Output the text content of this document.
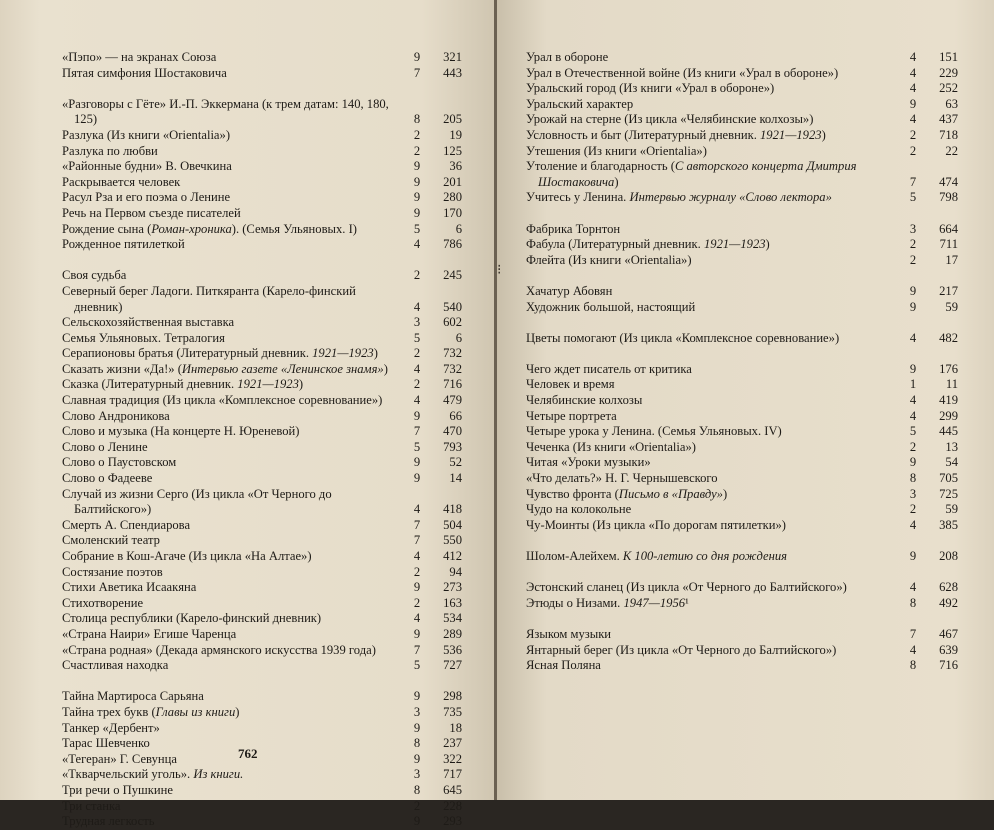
«Пэпо» — на экранах Союза	9	321
Пятая симфония Шостаковича	7	443
«Разговоры с Гёте» И.-П. Эккермана (к трем датам: 140, 180, 125)	8	205
Разлука (Из книги «Orientalia»)	2	19
Разлука по любви	2	125
«Районные будни» В. Овечкина	9	36
Раскрывается человек	9	201
Расул Рза и его поэма о Ленине	9	280
Речь на Первом съезде писателей	9	170
Рождение сына (Роман-хроника). (Семья Ульяновых. I)	5	6
Рожденное пятилеткой	4	786
Своя судьба	2	245
Северный берег Ладоги. Питкяранта (Карело-финский дневник)	4	540
Сельскохозяйственная выставка	3	602
Семья Ульяновых. Тетралогия	5	6
Серапионовы братья (Литературный дневник. 1921—1923)	2	732
Сказать жизни «Да!» (Интервью газете «Ленинское знамя»)	4	732
Сказка (Литературный дневник. 1921—1923)	2	716
Славная традиция (Из цикла «Комплексное соревнование»)	4	479
Слово Андроникова	9	66
Слово и музыка (На концерте Н. Юреневой)	7	470
Слово о Ленине	5	793
Слово о Паустовском	9	52
Слово о Фадееве	9	14
Случай из жизни Серго (Из цикла «От Черного до Балтийского»)	4	418
Смерть А. Спендиарова	7	504
Смоленский театр	7	550
Собрание в Кош-Агаче (Из цикла «На Алтае»)	4	412
Состязание поэтов	2	94
Стихи Аветика Исаакяна	9	273
Стихотворение	2	163
Столица республики (Карело-финский дневник)	4	534
«Страна Наири» Егише Чаренца	9	289
«Страна родная» (Декада армянского искусства 1939 года)	7	536
Счастливая находка	5	727
Тайна Мартироса Сарьяна	9	298
Тайна трех букв (Главы из книги)	3	735
Танкер «Дербент»	9	18
Тарас Шевченко	8	237
«Тегеран» Г. Севунца	9	322
«Ткварчельский уголь». Из книги.	3	717
Три речи о Пушкине	8	645
Три станка	2	228
Трудная легкость	9	293
762
⁝
Урал в обороне	4	151
Урал в Отечественной войне (Из книги «Урал в обороне»)	4	229
Уральский город (Из книги «Урал в обороне»)	4	252
Уральский характер	9	63
Урожай на стерне (Из цикла «Челябинские колхозы»)	4	437
Условность и быт (Литературный дневник. 1921—1923)	2	718
Утешения (Из книги «Orientalia»)	2	22
Утоление и благодарность (С авторского концерта Дмитрия Шостаковича)	7	474
Учитесь у Ленина. Интервью журналу «Слово лектора»	5	798
Фабрика Торнтон	3	664
Фабула (Литературный дневник. 1921—1923)	2	711
Флейта (Из книги «Orientalia»)	2	17
Хачатур Абовян	9	217
Художник большой, настоящий	9	59
Цветы помогают (Из цикла «Комплексное соревнование»)	4	482
Чего ждет писатель от критика	9	176
Человек и время	1	11
Челябинские колхозы	4	419
Четыре портрета	4	299
Четыре урока у Ленина. (Семья Ульяновых. IV)	5	445
Чеченка (Из книги «Orientalia»)	2	13
Читая «Уроки музыки»	9	54
«Что делать?» Н. Г. Чернышевского	8	705
Чувство фронта (Письмо в «Правду»)	3	725
Чудо на колокольне	2	59
Чу-Моинты (Из цикла «По дорогам пятилетки»)	4	385
Шолом-Алейхем. К 100-летию со дня рождения	9	208
Эстонский сланец (Из цикла «От Черного до Балтийского»)	4	628
Этюды о Низами. 1947—1956¹	8	492
Языком музыки	7	467
Янтарный берег (Из цикла «От Черного до Балтийского»)	4	639
Ясная Поляна	8	716
